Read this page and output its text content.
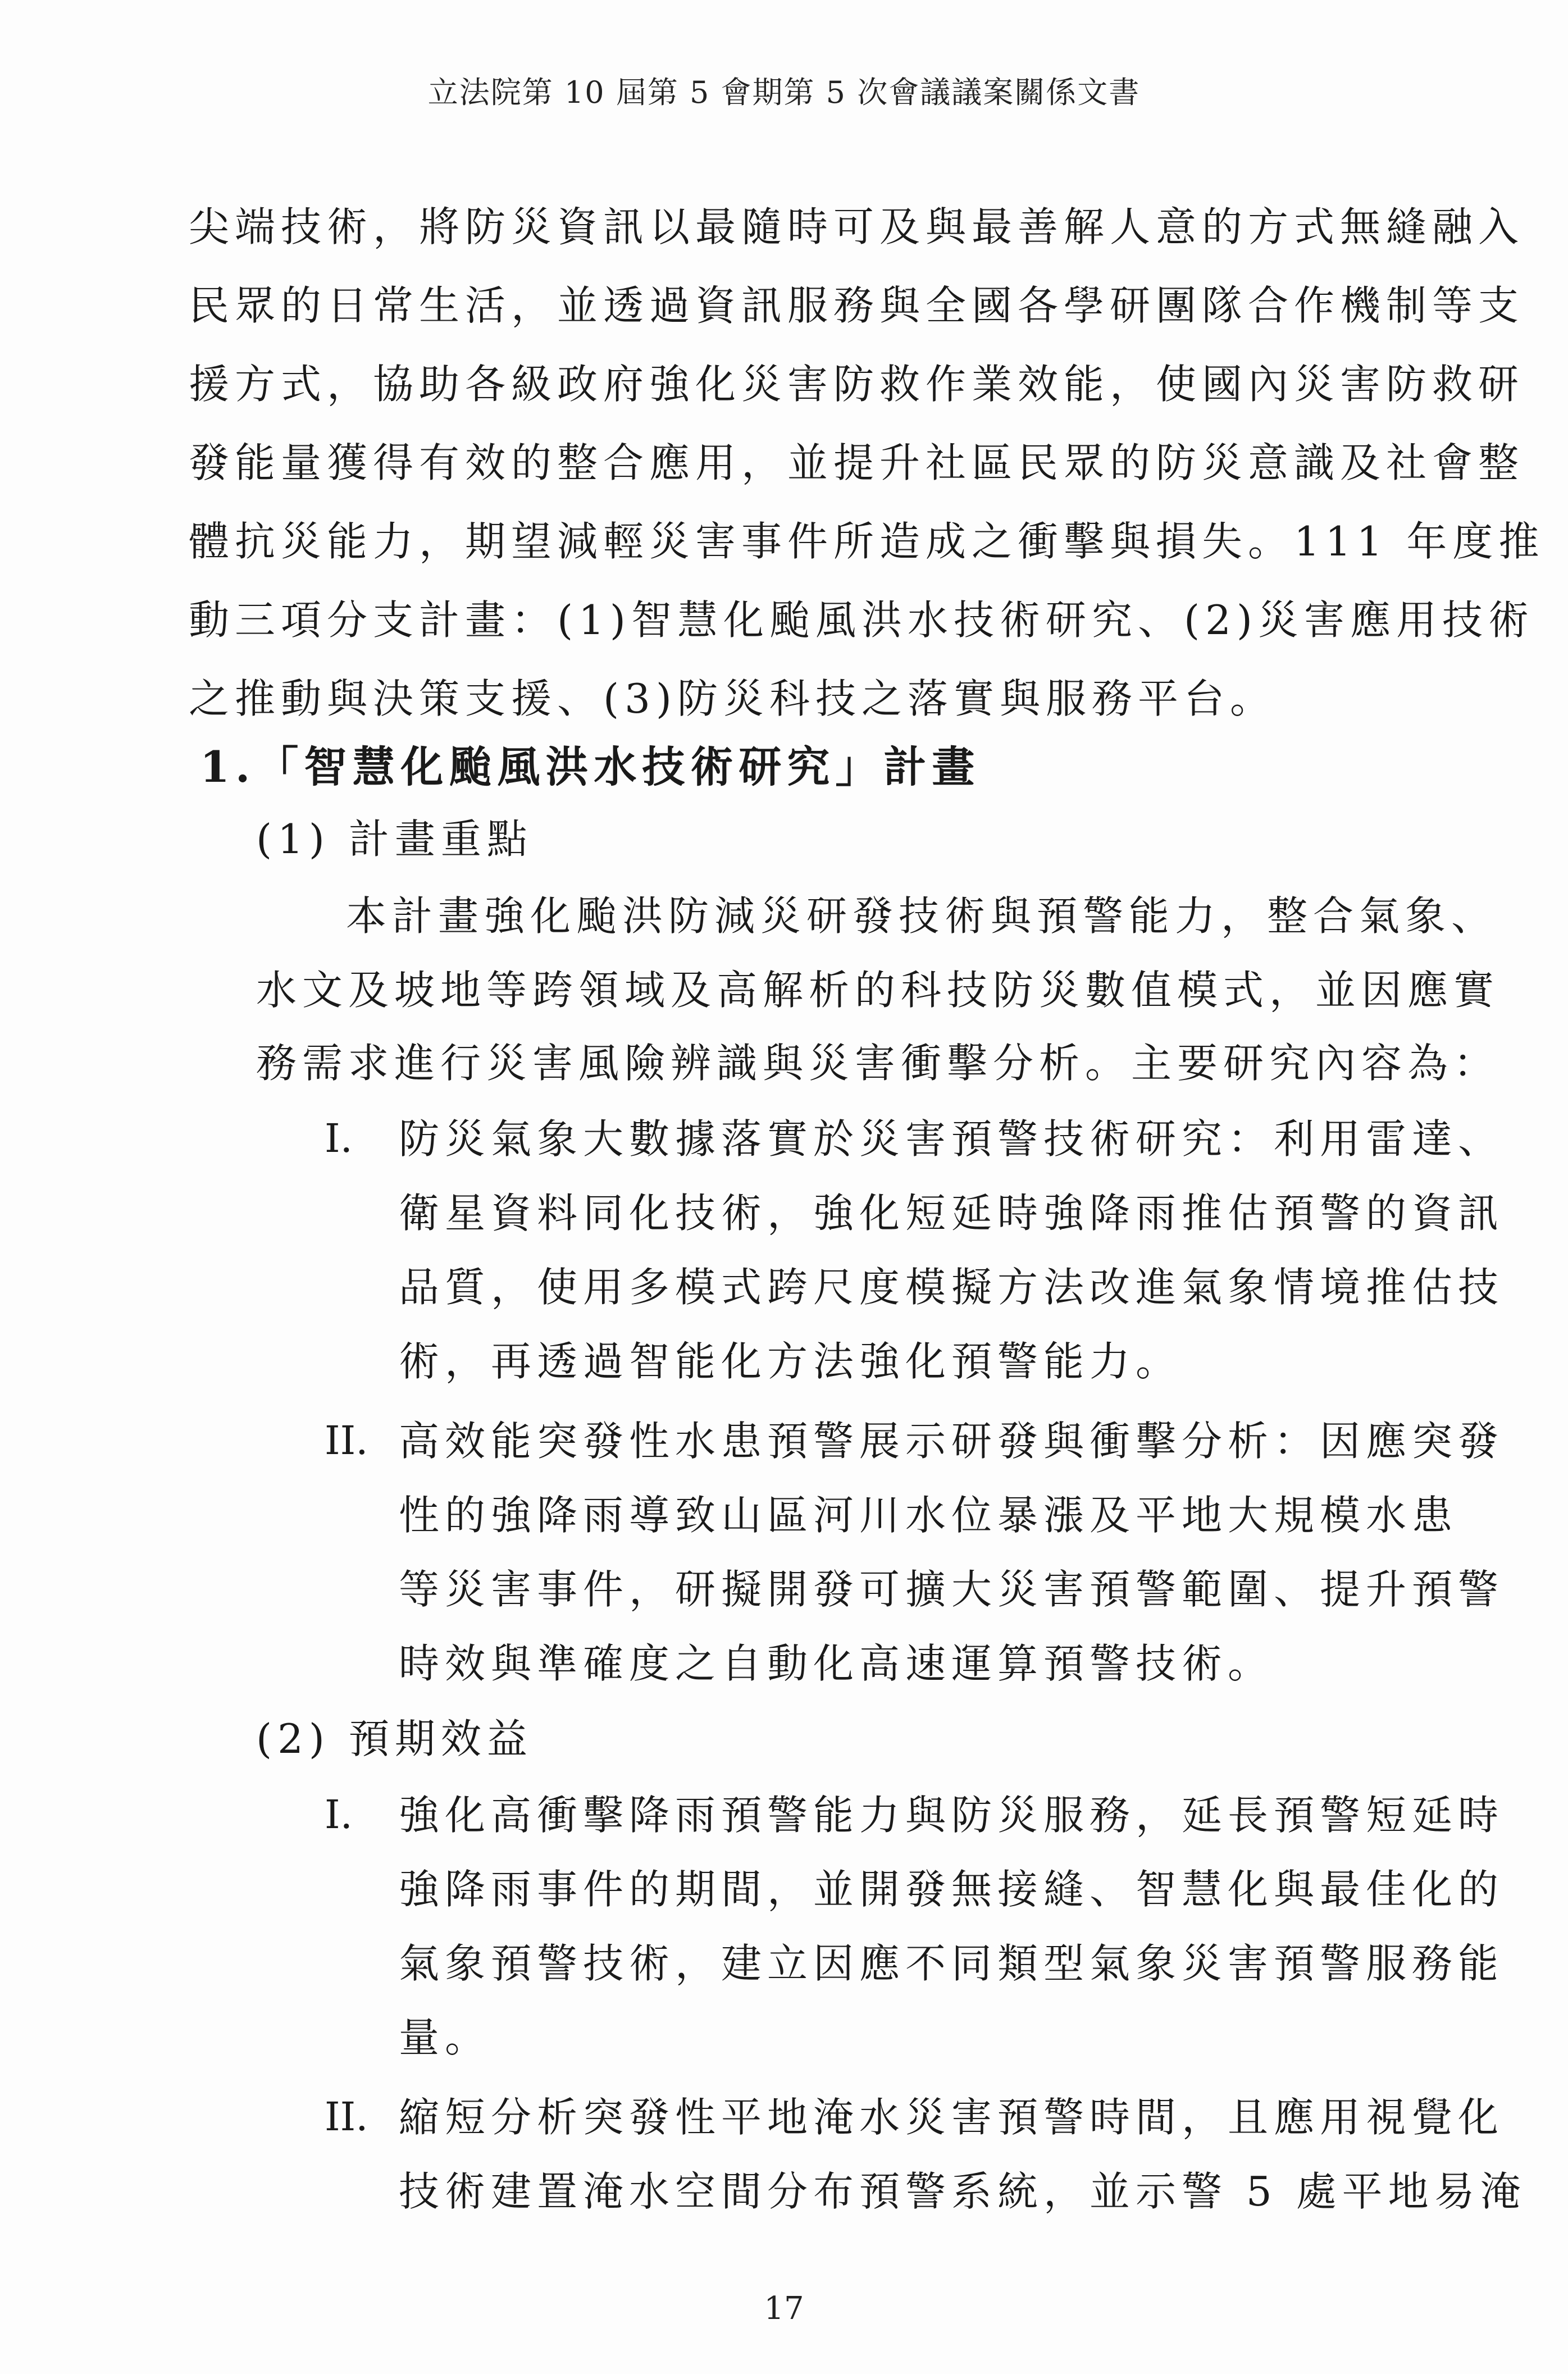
立法院第 10 屆第 5 會期第 5 次會議議案關係文書
尖端技術，將防災資訊以最隨時可及與最善解人意的方式無縫融入
民眾的日常生活，並透過資訊服務與全國各學研團隊合作機制等支
援方式，協助各級政府強化災害防救作業效能，使國內災害防救研
發能量獲得有效的整合應用，並提升社區民眾的防災意識及社會整
體抗災能力，期望減輕災害事件所造成之衝擊與損失。111 年度推
動三項分支計畫：(1)智慧化颱風洪水技術研究、(2)災害應用技術
之推動與決策支援、(3)防災科技之落實與服務平台。
1.「智慧化颱風洪水技術研究」計畫
(1) 計畫重點
本計畫強化颱洪防減災研發技術與預警能力，整合氣象、
水文及坡地等跨領域及高解析的科技防災數值模式，並因應實
務需求進行災害風險辨識與災害衝擊分析。主要研究內容為：
I. 防災氣象大數據落實於災害預警技術研究：利用雷達、
衛星資料同化技術，強化短延時強降雨推估預警的資訊
品質，使用多模式跨尺度模擬方法改進氣象情境推估技
術，再透過智能化方法強化預警能力。
II. 高效能突發性水患預警展示研發與衝擊分析：因應突發
性的強降雨導致山區河川水位暴漲及平地大規模水患
等災害事件，研擬開發可擴大災害預警範圍、提升預警
時效與準確度之自動化高速運算預警技術。
(2) 預期效益
I. 強化高衝擊降雨預警能力與防災服務，延長預警短延時
強降雨事件的期間，並開發無接縫、智慧化與最佳化的
氣象預警技術，建立因應不同類型氣象災害預警服務能
量。
II. 縮短分析突發性平地淹水災害預警時間，且應用視覺化
技術建置淹水空間分布預警系統，並示警 5 處平地易淹
17
